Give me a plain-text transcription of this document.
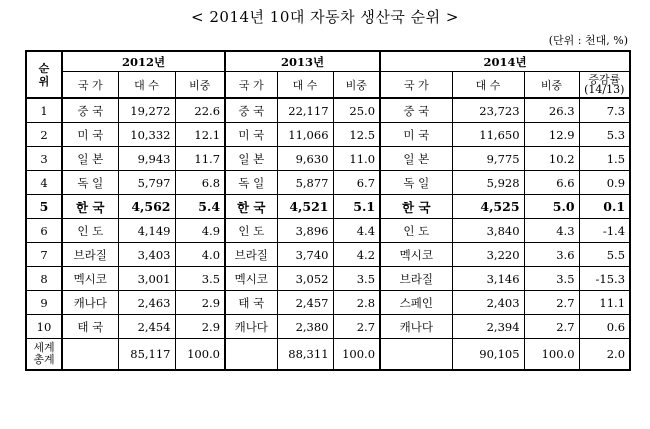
< 2014년 10대 자동차 생산국 순위 >
(단위 : 천대, %)
순위	2012년			2013년			2014년			
	국 가	대 수	비중	국 가	대 수	비중	국 가	대 수	비중	증감률
(14/13)
1	중 국	19,272	22.6	중 국	22,117	25.0	중 국	23,723	26.3	7.3
2	미 국	10,332	12.1	미 국	11,066	12.5	미 국	11,650	12.9	5.3
3	일 본	9,943	11.7	일 본	9,630	11.0	일 본	9,775	10.2	1.5
4	독 일	5,797	6.8	독 일	5,877	6.7	독 일	5,928	6.6	0.9
5	한 국	4,562	5.4	한 국	4,521	5.1	한 국	4,525	5.0	0.1
6	인 도	4,149	4.9	인 도	3,896	4.4	인 도	3,840	4.3	-1.4
7	브라질	3,403	4.0	브라질	3,740	4.2	멕시코	3,220	3.6	5.5
8	멕시코	3,001	3.5	멕시코	3,052	3.5	브라질	3,146	3.5	-15.3
9	캐나다	2,463	2.9	태 국	2,457	2.8	스페인	2,403	2.7	11.1
10	태 국	2,454	2.9	캐나다	2,380	2.7	캐나다	2,394	2.7	0.6
세계
총계		85,117	100.0		88,311	100.0		90,105	100.0	2.0
